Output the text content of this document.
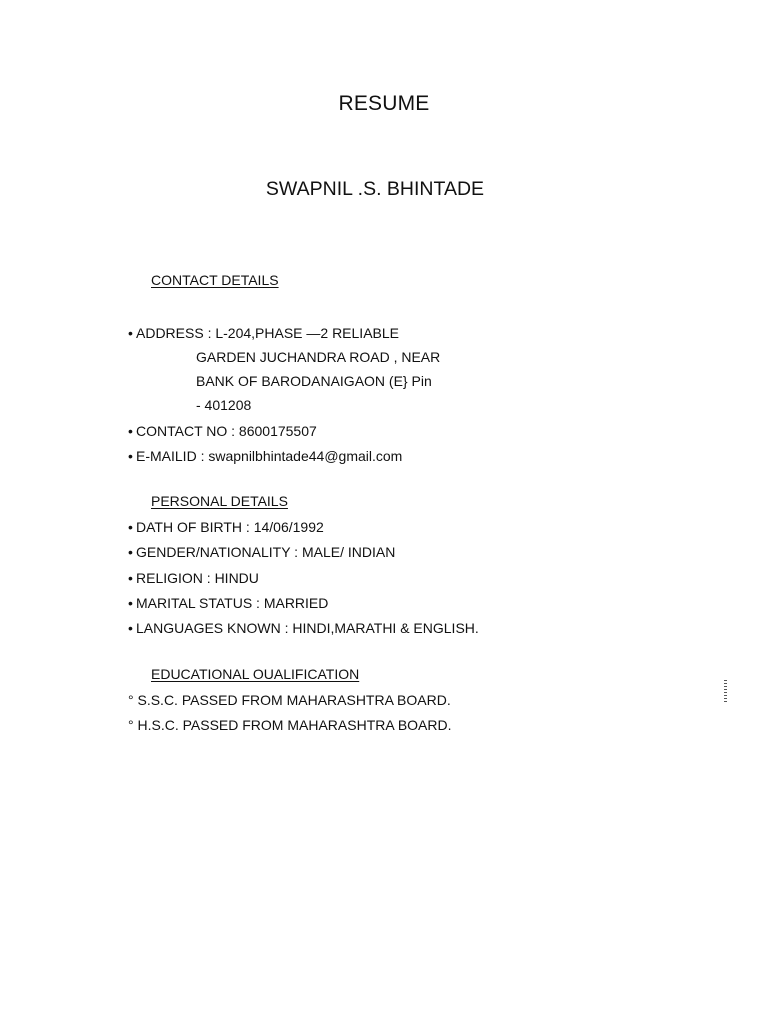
RESUME
SWAPNIL .S. BHINTADE
CONTACT DETAILS
• ADDRESS : L-204,PHASE —2 RELIABLE
GARDEN JUCHANDRA ROAD , NEAR
BANK OF BARODANAIGAON (E} Pin
- 401208
• CONTACT NO : 8600175507
• E-MAILID : swapnilbhintade44@gmail.com
PERSONAL DETAILS
• DATH OF BIRTH : 14/06/1992
• GENDER/NATIONALITY : MALE/ INDIAN
• RELIGION : HINDU
• MARITAL STATUS : MARRIED
• LANGUAGES KNOWN : HINDI,MARATHI & ENGLISH.
EDUCATIONAL OUALIFICATION
° S.S.C. PASSED FROM MAHARASHTRA BOARD.
° H.S.C. PASSED FROM MAHARASHTRA BOARD.
